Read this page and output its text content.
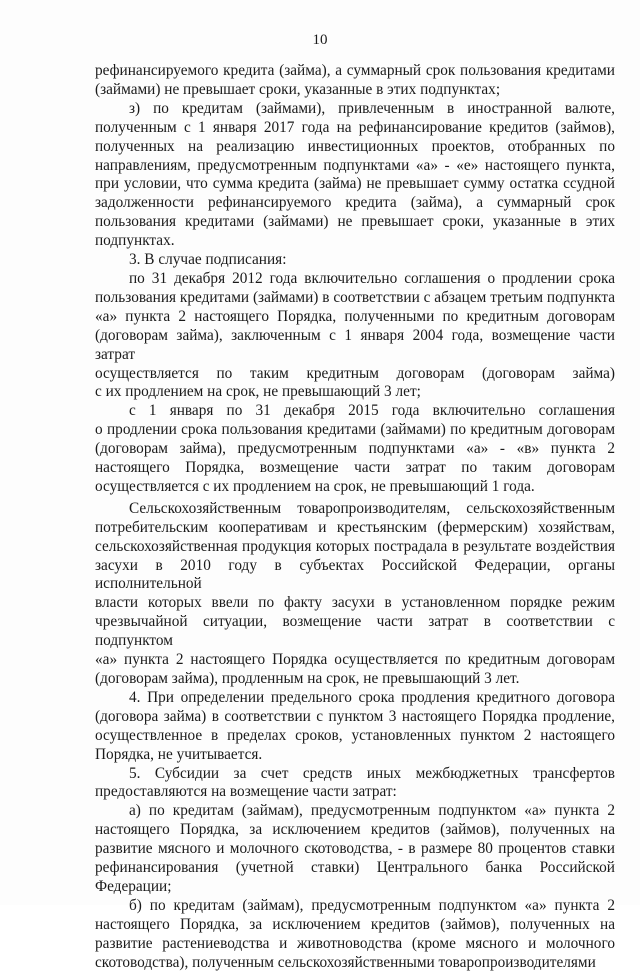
10

рефинансируемого кредита (займа), а суммарный срок пользования кредитами

(займами) не превышает сроки, указанные в этих подпунктах;

з) по кредитам (займами), привлеченным в иностранной валюте,

полученным с 1 января 2017 года на рефинансирование кредитов (займов),

полученных на реализацию инвестиционных проектов, отобранных по

направлениям, предусмотренным подпунктами «а» - «е» настоящего пункта,

при условии, что сумма кредита (займа) не превышает сумму остатка ссудной

задолженности рефинансируемого кредита (займа), а суммарный срок

пользования кредитами (займами) не превышает сроки, указанные в этих

подпунктах.

3. В случае подписания:

по 31 декабря 2012 года включительно соглашения о продлении срока

пользования кредитами (займами) в соответствии с абзацем третьим подпункта

«а» пункта 2 настоящего Порядка, полученными по кредитным договорам

(договорам займа), заключенным с 1 января 2004 года, возмещение части затрат

осуществляется по таким кредитным договорам (договорам займа)

с их продлением на срок, не превышающий 3 лет;

с 1 января по 31 декабря 2015 года включительно соглашения

о продлении срока пользования кредитами (займами) по кредитным договорам

(договорам займа), предусмотренным подпунктами «а» - «в» пункта 2

настоящего Порядка, возмещение части затрат по таким договорам

осуществляется с их продлением на срок, не превышающий 1 года.

Сельскохозяйственным товаропроизводителям, сельскохозяйственным

потребительским кооперативам и крестьянским (фермерским) хозяйствам,

сельскохозяйственная продукция которых пострадала в результате воздействия

засухи в 2010 году в субъектах Российской Федерации, органы исполнительной

власти которых ввели по факту засухи в установленном порядке режим

чрезвычайной ситуации, возмещение части затрат в соответствии с подпунктом

«а» пункта 2 настоящего Порядка осуществляется по кредитным договорам

(договорам займа), продленным на срок, не превышающий 3 лет.

4. При определении предельного срока продления кредитного договора

(договора займа) в соответствии с пунктом 3 настоящего Порядка продление,

осуществленное в пределах сроков, установленных пунктом 2 настоящего

Порядка, не учитывается.

5. Субсидии за счет средств иных межбюджетных трансфертов

предоставляются на возмещение части затрат:

а) по кредитам (займам), предусмотренным подпунктом «а» пункта 2

настоящего Порядка, за исключением кредитов (займов), полученных на

развитие мясного и молочного скотоводства, - в размере 80 процентов ставки

рефинансирования (учетной ставки) Центрального банка Российской

Федерации;

б) по кредитам (займам), предусмотренным подпунктом «а» пункта 2

настоящего Порядка, за исключением кредитов (займов), полученных на

развитие растениеводства и животноводства (кроме мясного и молочного

скотоводства), полученным сельскохозяйственными товаропроизводителями
